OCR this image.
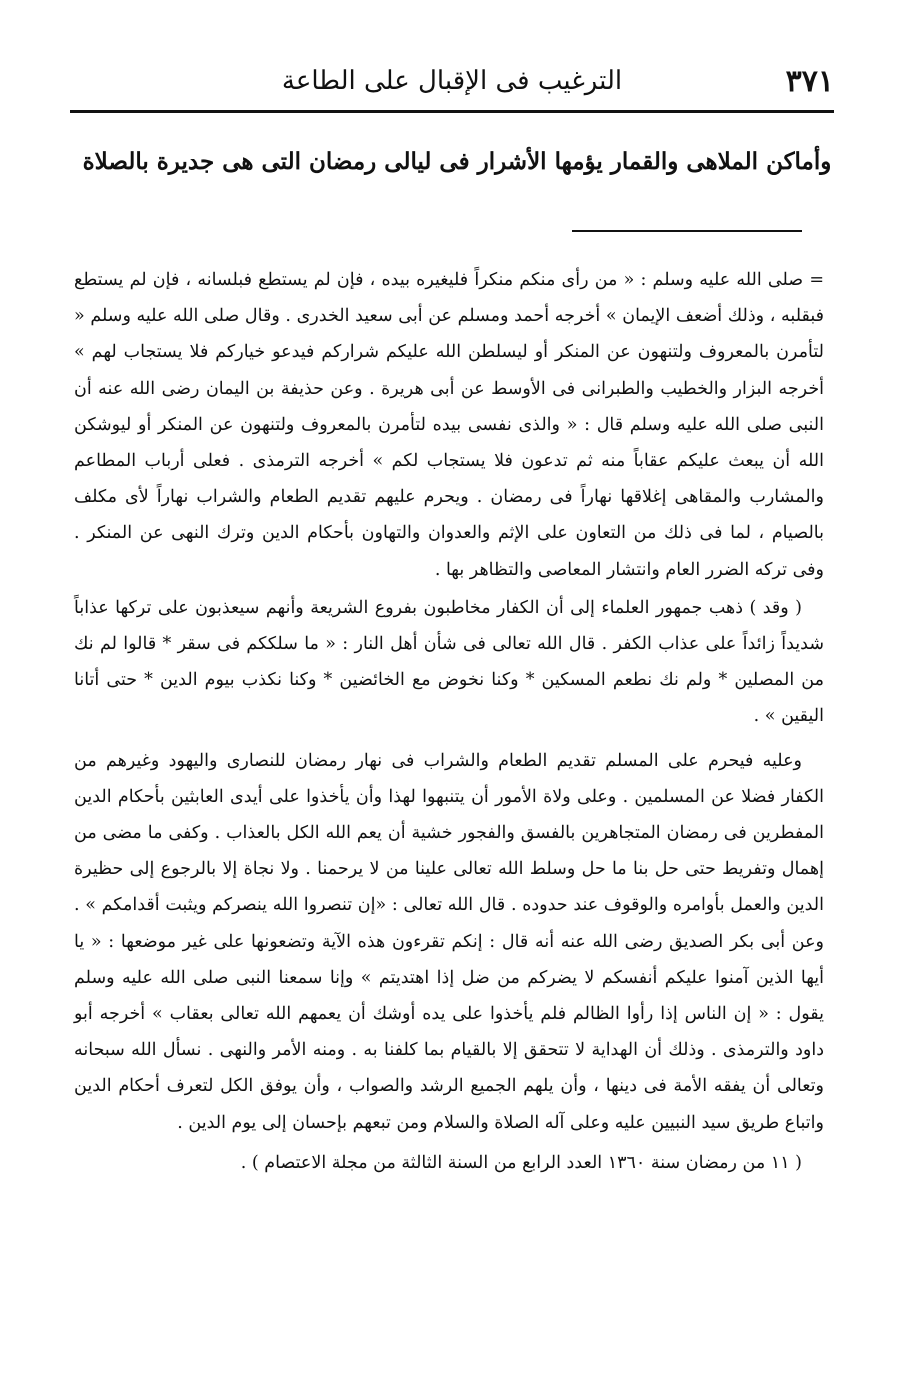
٣٧١
الترغيب فى الإقبال على الطاعة
وأماكن الملاهى والقمار يؤمها الأشرار فى ليالى رمضان التى هى جديرة بالصلاة

= صلى الله عليه وسلم : « من رأى منكم منكراً فليغيره بيده ، فإن لم يستطع فبلسانه ، فإن لم يستطع فبقلبه ، وذلك أضعف الإيمان » أخرجه أحمد ومسلم عن أبى سعيد الخدرى . وقال صلى الله عليه وسلم « لتأمرن بالمعروف ولتنهون عن المنكر أو ليسلطن الله عليكم شراركم فيدعو خياركم فلا يستجاب لهم » أخرجه البزار والخطيب والطبرانى فى الأوسط عن أبى هريرة . وعن حذيفة بن اليمان رضى الله عنه أن النبى صلى الله عليه وسلم قال : « والذى نفسى بيده لتأمرن بالمعروف ولتنهون عن المنكر أو ليوشكن الله أن يبعث عليكم عقاباً منه ثم تدعون فلا يستجاب لكم » أخرجه الترمذى . فعلى أرباب المطاعم والمشارب والمقاهى إغلاقها نهاراً فى رمضان . ويحرم عليهم تقديم الطعام والشراب نهاراً لأى مكلف بالصيام ، لما فى ذلك من التعاون على الإثم والعدوان والتهاون بأحكام الدين وترك النهى عن المنكر . وفى تركه الضرر العام وانتشار المعاصى والتظاهر بها .

( وقد ) ذهب جمهور العلماء إلى أن الكفار مخاطبون بفروع الشريعة وأنهم سيعذبون على تركها عذاباً شديداً زائداً على عذاب الكفر . قال الله تعالى فى شأن أهل النار : « ما سلككم فى سقر * قالوا لم نك من المصلين * ولم نك نطعم المسكين * وكنا نخوض مع الخائضين * وكنا نكذب بيوم الدين * حتى أتانا اليقين » .

وعليه فيحرم على المسلم تقديم الطعام والشراب فى نهار رمضان للنصارى واليهود وغيرهم من الكفار فضلا عن المسلمين . وعلى ولاة الأمور أن يتنبهوا لهذا وأن يأخذوا على أيدى العابثين بأحكام الدين المفطرين فى رمضان المتجاهرين بالفسق والفجور خشية أن يعم الله الكل بالعذاب . وكفى ما مضى من إهمال وتفريط حتى حل بنا ما حل وسلط الله تعالى علينا من لا يرحمنا . ولا نجاة إلا بالرجوع إلى حظيرة الدين والعمل بأوامره والوقوف عند حدوده . قال الله تعالى : «إن تنصروا الله ينصركم ويثبت أقدامكم » . وعن أبى بكر الصديق رضى الله عنه أنه قال : إنكم تقرءون هذه الآية وتضعونها على غير موضعها : « يا أيها الذين آمنوا عليكم أنفسكم لا يضركم من ضل إذا اهتديتم » وإنا سمعنا النبى صلى الله عليه وسلم يقول : « إن الناس إذا رأوا الظالم فلم يأخذوا على يده أوشك أن يعمهم الله تعالى بعقاب » أخرجه أبو داود والترمذى . وذلك أن الهداية لا تتحقق إلا بالقيام بما كلفنا به . ومنه الأمر والنهى . نسأل الله سبحانه وتعالى أن يفقه الأمة فى دينها ، وأن يلهم الجميع الرشد والصواب ، وأن يوفق الكل لتعرف أحكام الدين واتباع طريق سيد النبيين عليه وعلى آله الصلاة والسلام ومن تبعهم بإحسان إلى يوم الدين .

( ١١ من رمضان سنة ١٣٦٠ العدد الرابع من السنة الثالثة من مجلة الاعتصام ) .
